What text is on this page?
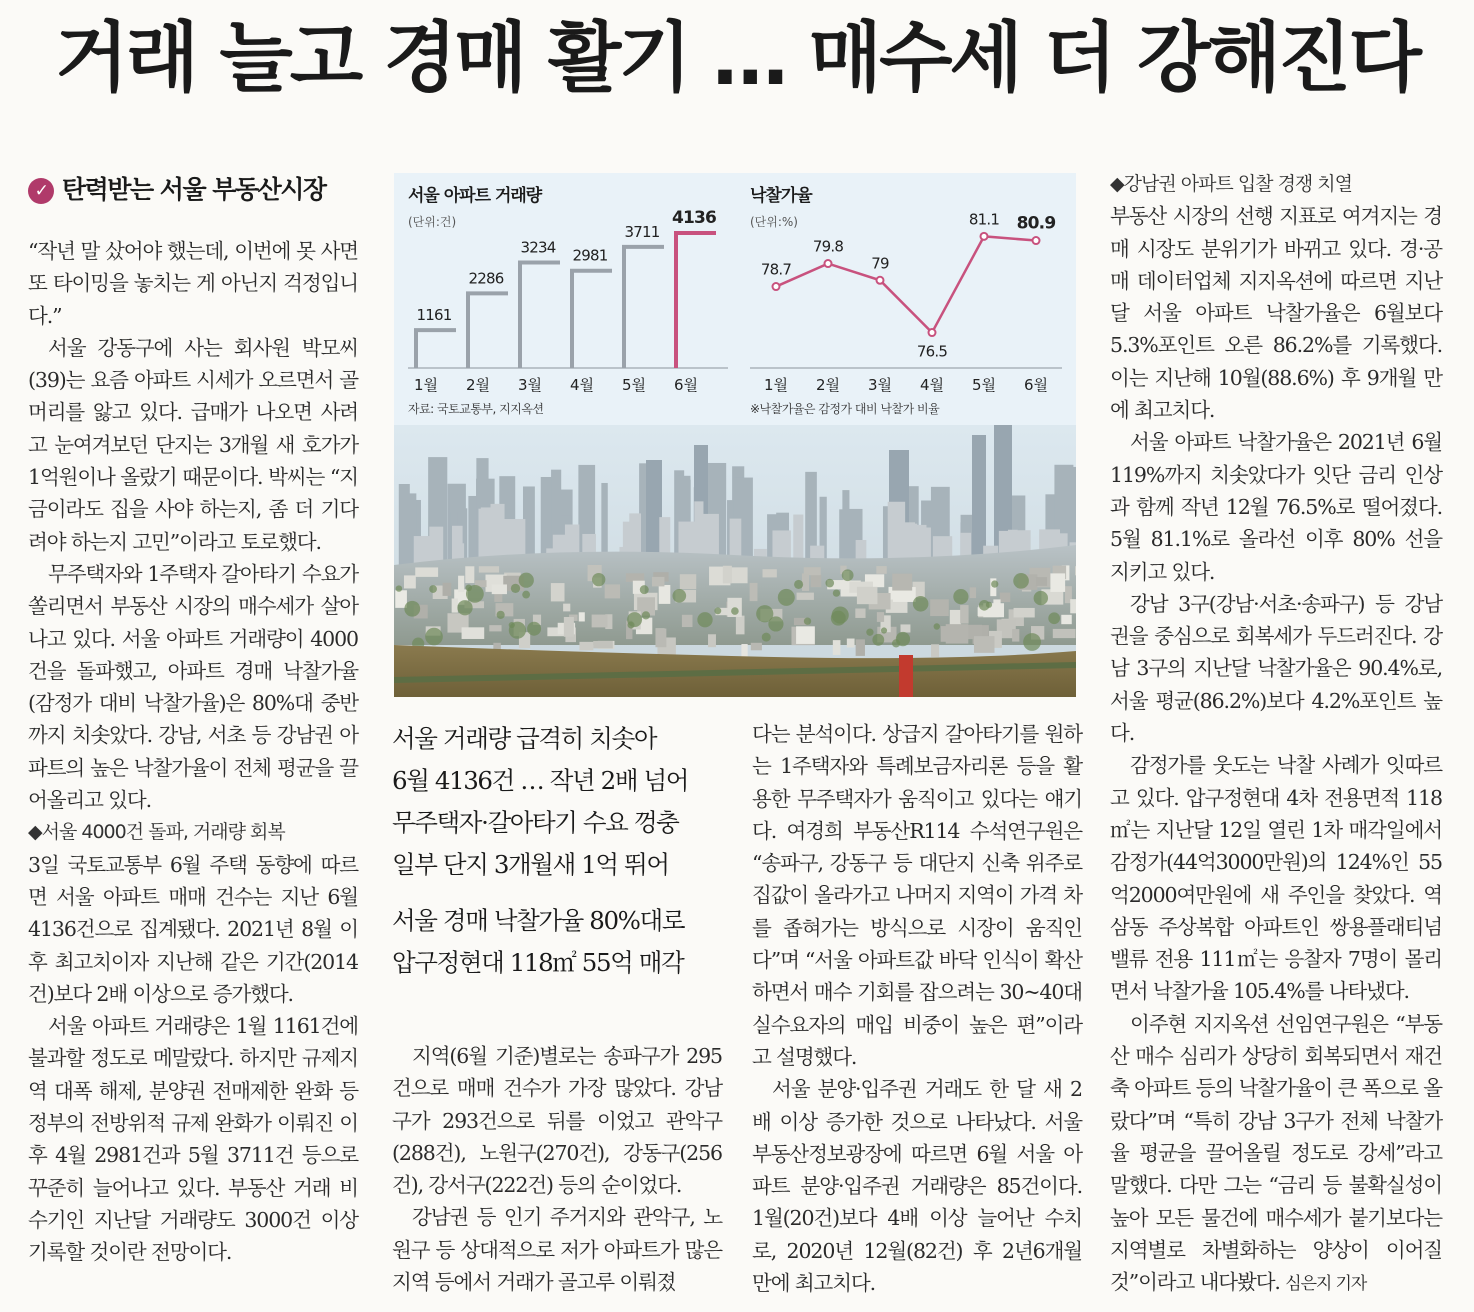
거래 늘고 경매 활기 … 매수세 더 강해진다
✓ 탄력받는 서울 부동산시장

“작년 말 샀어야 했는데, 이번에 못 사면 또 타이밍을 놓치는 게 아닌지 걱정입니다.”

서울 강동구에 사는 회사원 박모씨(39)는 요즘 아파트 시세가 오르면서 골머리를 앓고 있다. 급매가 나오면 사려고 눈여겨보던 단지는 3개월 새 호가가 1억원이나 올랐기 때문이다. 박씨는 “지금이라도 집을 사야 하는지, 좀 더 기다려야 하는지 고민”이라고 토로했다.

무주택자와 1주택자 갈아타기 수요가 쏠리면서 부동산 시장의 매수세가 살아나고 있다. 서울 아파트 거래량이 4000건을 돌파했고, 아파트 경매 낙찰가율(감정가 대비 낙찰가율)은 80%대 중반까지 치솟았다. 강남, 서초 등 강남권 아파트의 높은 낙찰가율이 전체 평균을 끌어올리고 있다.

◆서울 4000건 돌파, 거래량 회복

3일 국토교통부 6월 주택 동향에 따르면 서울 아파트 매매 건수는 지난 6월 4136건으로 집계됐다. 2021년 8월 이후 최고치이자 지난해 같은 기간(2014건)보다 2배 이상으로 증가했다.

서울 아파트 거래량은 1월 1161건에 불과할 정도로 메말랐다. 하지만 규제지역 대폭 해제, 분양권 전매제한 완화 등 정부의 전방위적 규제 완화가 이뤄진 이후 4월 2981건과 5월 3711건 등으로 꾸준히 늘어나고 있다. 부동산 거래 비수기인 지난달 거래량도 3000건 이상 기록할 것이란 전망이다.

서울 아파트 거래량
(단위:건)
자료: 국토교통부, 지지옥션
낙찰가율
(단위:%)
※낙찰가율은 감정가 대비 낙찰가 비율
1161
1월
2286
2월
3234
3월
2981
4월
3711
5월
4136
6월
78.7
1월
79.8
2월
79
3월
76.5
4월
81.1
5월
80.9
6월
서울 거래량 급격히 치솟아
6월 4136건 … 작년 2배 넘어
무주택자·갈아타기 수요 껑충
일부 단지 3개월새 1억 뛰어
서울 경매 낙찰가율 80%대로
압구정현대 118㎡ 55억 매각

지역(6월 기준)별로는 송파구가 295건으로 매매 건수가 가장 많았다. 강남구가 293건으로 뒤를 이었고 관악구(288건), 노원구(270건), 강동구(256건), 강서구(222건) 등의 순이었다.

강남권 등 인기 주거지와 관악구, 노원구 등 상대적으로 저가 아파트가 많은 지역 등에서 거래가 골고루 이뤄졌

다는 분석이다. 상급지 갈아타기를 원하는 1주택자와 특례보금자리론 등을 활용한 무주택자가 움직이고 있다는 얘기다. 여경희 부동산R114 수석연구원은 “송파구, 강동구 등 대단지 신축 위주로 집값이 올라가고 나머지 지역이 가격 차를 좁혀가는 방식으로 시장이 움직인다”며 “서울 아파트값 바닥 인식이 확산하면서 매수 기회를 잡으려는 30~40대 실수요자의 매입 비중이 높은 편”이라고 설명했다.

서울 분양·입주권 거래도 한 달 새 2배 이상 증가한 것으로 나타났다. 서울부동산정보광장에 따르면 6월 서울 아파트 분양·입주권 거래량은 85건이다. 1월(20건)보다 4배 이상 늘어난 수치로, 2020년 12월(82건) 후 2년6개월 만에 최고치다.

◆강남권 아파트 입찰 경쟁 치열

부동산 시장의 선행 지표로 여겨지는 경매 시장도 분위기가 바뀌고 있다. 경·공매 데이터업체 지지옥션에 따르면 지난달 서울 아파트 낙찰가율은 6월보다 5.3%포인트 오른 86.2%를 기록했다. 이는 지난해 10월(88.6%) 후 9개월 만에 최고치다.

서울 아파트 낙찰가율은 2021년 6월 119%까지 치솟았다가 잇단 금리 인상과 함께 작년 12월 76.5%로 떨어졌다. 5월 81.1%로 올라선 이후 80% 선을 지키고 있다.

강남 3구(강남·서초·송파구) 등 강남권을 중심으로 회복세가 두드러진다. 강남 3구의 지난달 낙찰가율은 90.4%로, 서울 평균(86.2%)보다 4.2%포인트 높다.

감정가를 웃도는 낙찰 사례가 잇따르고 있다. 압구정현대 4차 전용면적 118㎡는 지난달 12일 열린 1차 매각일에서 감정가(44억3000만원)의 124%인 55억2000여만원에 새 주인을 찾았다. 역삼동 주상복합 아파트인 쌍용플래티넘밸류 전용 111㎡는 응찰자 7명이 몰리면서 낙찰가율 105.4%를 나타냈다.

이주현 지지옥션 선임연구원은 “부동산 매수 심리가 상당히 회복되면서 재건축 아파트 등의 낙찰가율이 큰 폭으로 올랐다”며 “특히 강남 3구가 전체 낙찰가율 평균을 끌어올릴 정도로 강세”라고 말했다. 다만 그는 “금리 등 불확실성이 높아 모든 물건에 매수세가 붙기보다는 지역별로 차별화하는 양상이 이어질 것”이라고 내다봤다. 심은지 기자
